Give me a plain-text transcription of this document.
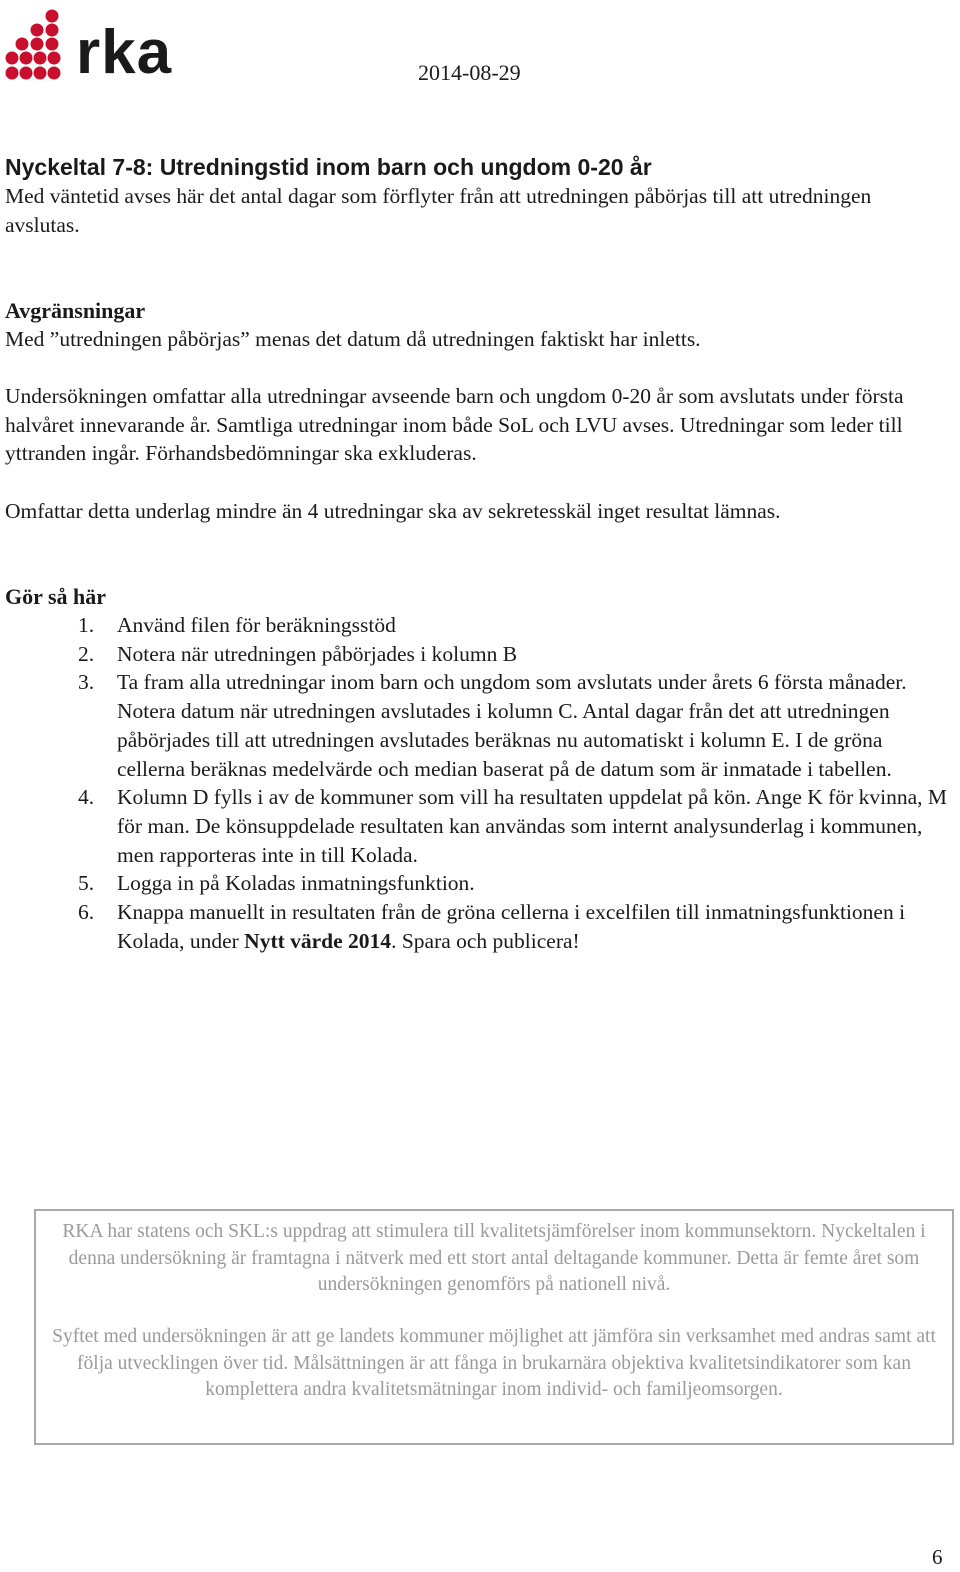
rka	2014-08-29
Nyckeltal 7-8: Utredningstid inom barn och ungdom 0-20 år

Med väntetid avses här det antal dagar som förflyter från att utredningen påbörjas till att utredningen avslutas.

Avgränsningar

Med ”utredningen påbörjas” menas det datum då utredningen faktiskt har inletts.

Undersökningen omfattar alla utredningar avseende barn och ungdom 0-20 år som avslutats under första halvåret innevarande år. Samtliga utredningar inom både SoL och LVU avses. Utredningar som leder till yttranden ingår. Förhandsbedömningar ska exkluderas.

Omfattar detta underlag mindre än 4 utredningar ska av sekretesskäl inget resultat lämnas.

Gör så här
1.	Använd filen för beräkningsstöd
2.	Notera när utredningen påbörjades i kolumn B
3.	Ta fram alla utredningar inom barn och ungdom som avslutats under årets 6 första månader. Notera datum när utredningen avslutades i kolumn C. Antal dagar från det att utredningen påbörjades till att utredningen avslutades beräknas nu automatiskt i kolumn E. I de gröna cellerna beräknas medelvärde och median baserat på de datum som är inmatade i tabellen.
4.	Kolumn D fylls i av de kommuner som vill ha resultaten uppdelat på kön. Ange K för kvinna, M för man. De könsuppdelade resultaten kan användas som internt analysunderlag i kommunen, men rapporteras inte in till Kolada.
5.	Logga in på Koladas inmatningsfunktion.
6.	Knappa manuellt in resultaten från de gröna cellerna i excelfilen till inmatningsfunktionen i Kolada, under Nytt värde 2014. Spara och publicera!

RKA har statens och SKL:s uppdrag att stimulera till kvalitetsjämförelser inom kommunsektorn. Nyckeltalen i denna undersökning är framtagna i nätverk med ett stort antal deltagande kommuner. Detta är femte året som undersökningen genomförs på nationell nivå.

Syftet med undersökningen är att ge landets kommuner möjlighet att jämföra sin verksamhet med andras samt att följa utvecklingen över tid. Målsättningen är att fånga in brukarnära objektiva kvalitetsindikatorer som kan komplettera andra kvalitetsmätningar inom individ- och familjeomsorgen.

6
